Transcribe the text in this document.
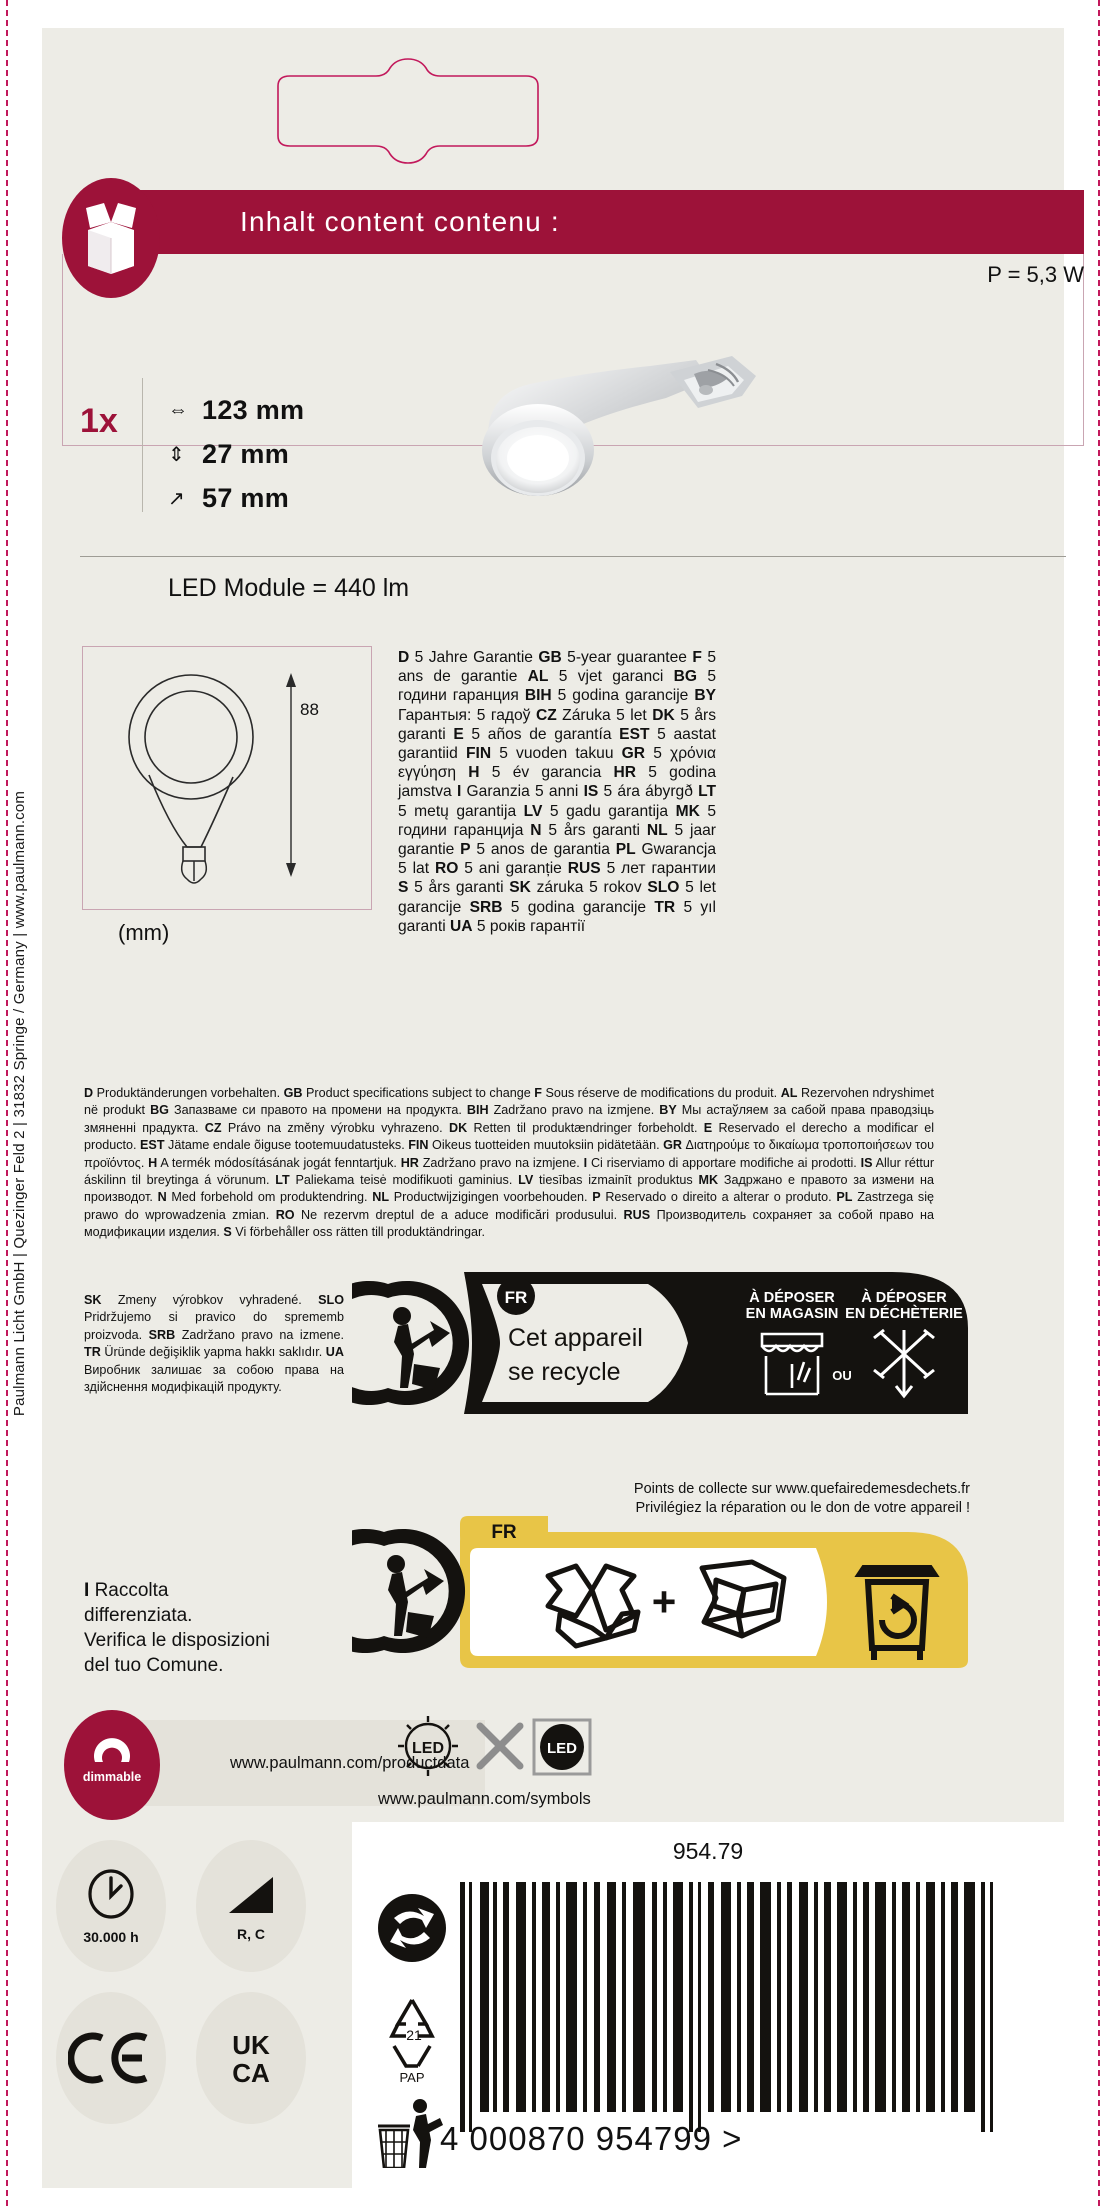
Paulmann Licht GmbH | Quezinger Feld 2 | 31832 Springe / Germany | www.paulmann.com
Inhalt content contenu :
P = 5,3 W
1x	⇔ 123 mm
⇕ 27 mm
↗ 57 mm
LED Module = 440 lm
88
(mm)
D 5 Jahre Garantie GB 5-year guarantee F 5 ans de garantie AL 5 vjet garanci BG 5 години гаранция BIH 5 godina garancije BY Гарантыя: 5 гадоў CZ Záruka 5 let DK 5 års garanti E 5 años de garantía EST 5 aastat garantiid FIN 5 vuoden takuu GR 5 χρόνια εγγύηση H 5 év garancia HR 5 godina jamstva I Garanzia 5 anni IS 5 ára ábyrgð LT 5 metų garantija LV 5 gadu garantija MK 5 години гаранција N 5 års garanti NL 5 jaar garantie P 5 anos de garantia PL Gwarancja 5 lat RO 5 ani garanție RUS 5 лет гарантии S 5 års garanti SK záruka 5 rokov SLO 5 let garancije SRB 5 godina garancije TR 5 yıl garanti UA 5 років гарантії
D Produktänderungen vorbehalten. GB Product specifications subject to change F Sous réserve de modifications du produit. AL Rezervohen ndryshimet në produkt BG Запазваме си правото на промени на продукта. BIH Zadržano pravo na izmjene. BY Мы астаўляем за сабой права праводзіць змяненні прадукта. CZ Právo na změny výrobku vyhrazeno. DK Retten til produktændringer forbeholdt. E Reservado el derecho a modificar el producto. EST Jätame endale õiguse tootemuudatusteks. FIN Oikeus tuotteiden muutoksiin pidätetään. GR Διατηρούμε το δικαίωμα τροποποιήσεων του προϊόντος. H A termék módosításának jogát fenntartjuk. HR Zadržano pravo na izmjene. I Ci riserviamo di apportare modifiche ai prodotti. IS Allur réttur áskilinn til breytinga á vörunum. LT Paliekama teisė modifikuoti gaminius. LV tiesības izmainīt produktus MK Задржано е правото за измени на производот. N Med forbehold om produktendring. NL Productwijzigingen voorbehouden. P Reservado o direito a alterar o produto. PL Zastrzega się prawo do wprowadzenia zmian. RO Ne rezervm dreptul de a aduce modificări produsului. RUS Производитель сохраняет за собой право на модификации изделия. S Vi förbehåller oss rätten till produktändringar.
SK Zmeny výrobkov vyhradené. SLO Pridržujemo si pravico do sprememb proizvoda. SRB Zadržano pravo na izmene. TR Üründe değişiklik yapma hakkı saklıdır. UA Виробник залишає за собою права на здійснення модифікацій продукту.
FR
Cet appareil
se recycle
À DÉPOSER
EN MAGASIN
OU
À DÉPOSER
EN DÉCHÈTERIE
Points de collecte sur www.quefairedemesdechets.fr
Privilégiez la réparation ou le don de votre appareil !
I Raccolta
differenziata.
Verifica le disposizioni
del tuo Comune.
FR
+
www.paulmann.com/productdata
dimmable
LED	LED
www.paulmann.com/symbols
30.000 h	R, C
UK
CA
954.79
21
PAP
4 000870 954799 >
